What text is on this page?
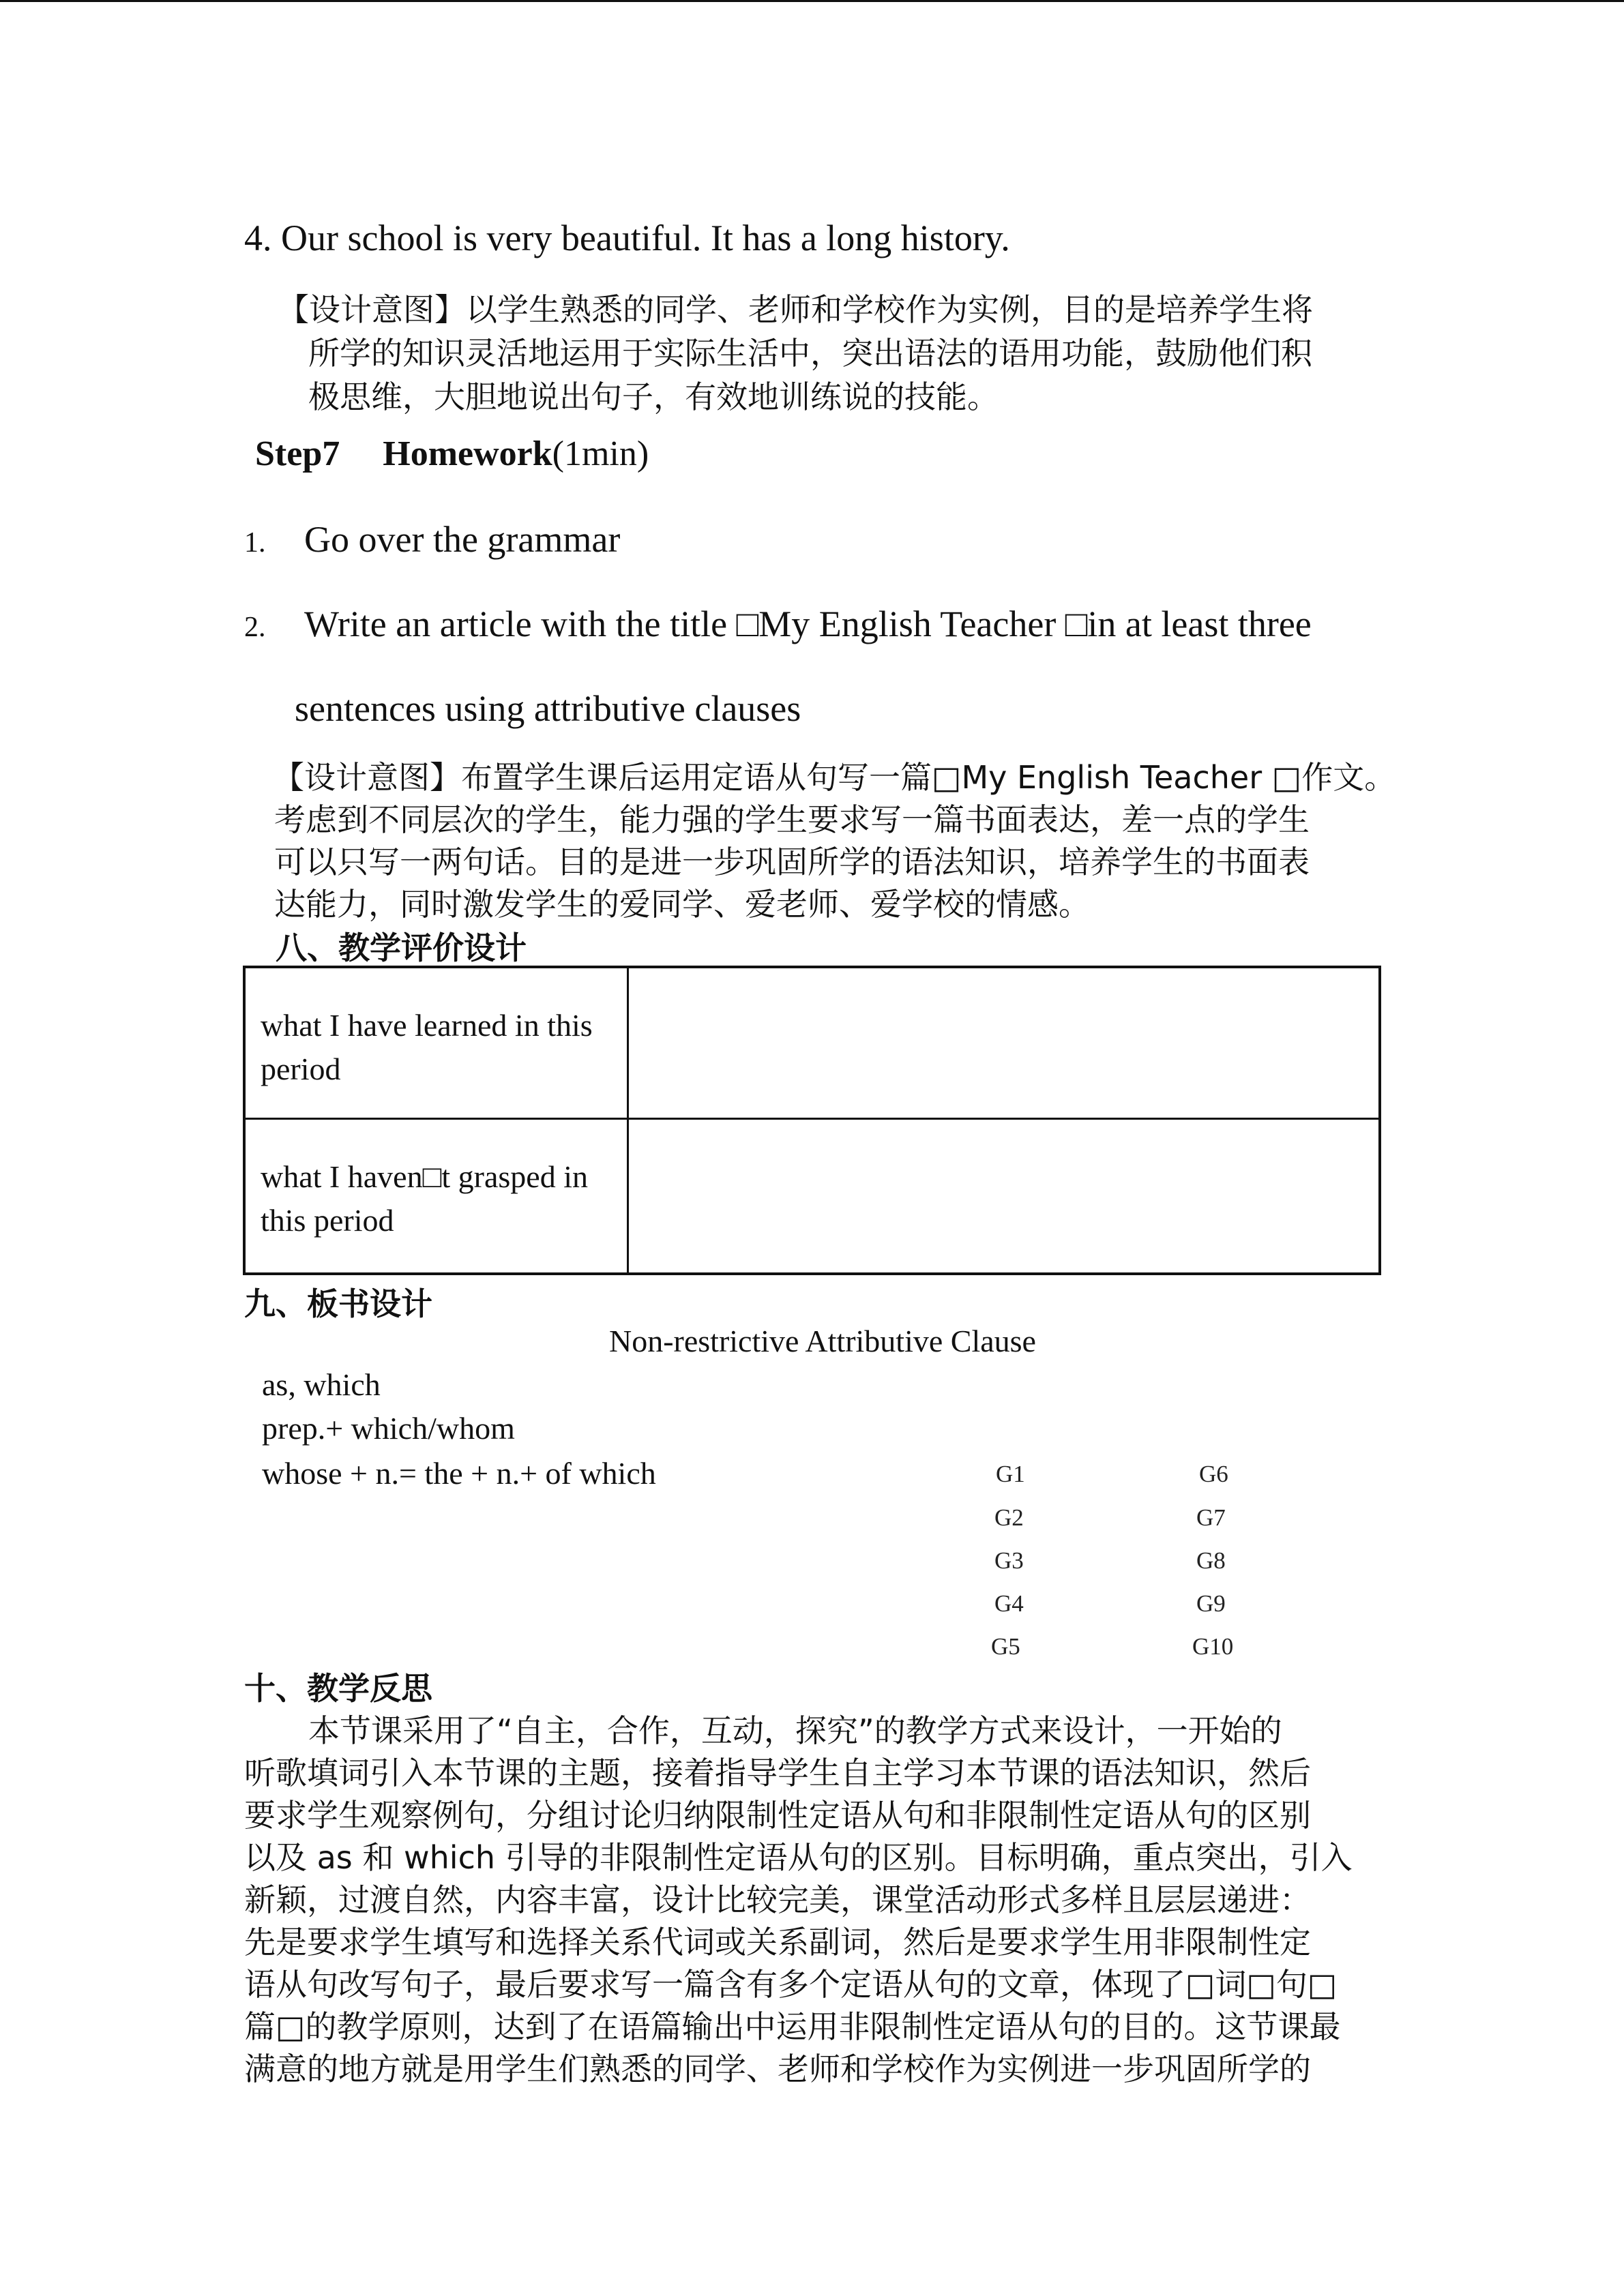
4. Our school is very beautiful. It has a long history.
【设计意图】以学生熟悉的同学、老师和学校作为实例，目的是培养学生将
所学的知识灵活地运用于实际生活中，突出语法的语用功能，鼓励他们积
极思维，大胆地说出句子，有效地训练说的技能。
Step7 Homework(1min)
1. Go over the grammar
2. Write an article with the title □My English Teacher □in at least three
sentences using attributive clauses
【设计意图】布置学生课后运用定语从句写一篇□My English Teacher □作文。
考虑到不同层次的学生，能力强的学生要求写一篇书面表达，差一点的学生
可以只写一两句话。目的是进一步巩固所学的语法知识，培养学生的书面表
达能力，同时激发学生的爱同学、爱老师、爱学校的情感。
八、教学评价设计
what I have learned in this
period
what I haven□t grasped in
this period
九、板书设计
Non-restrictive Attributive Clause
as, which
prep.+ which/whom
whose + n.= the + n.+ of which	G1
G2
G3
G4
G5
G6
G7
G8
G9
G10
十、教学反思
本节课采用了“自主，合作，互动，探究”的教学方式来设计，一开始的
听歌填词引入本节课的主题，接着指导学生自主学习本节课的语法知识，然后
要求学生观察例句，分组讨论归纳限制性定语从句和非限制性定语从句的区别
以及 as 和 which 引导的非限制性定语从句的区别。目标明确，重点突出，引入
新颖，过渡自然，内容丰富，设计比较完美，课堂活动形式多样且层层递进：
先是要求学生填写和选择关系代词或关系副词，然后是要求学生用非限制性定
语从句改写句子，最后要求写一篇含有多个定语从句的文章，体现了□词□句□
篇□的教学原则，达到了在语篇输出中运用非限制性定语从句的目的。这节课最
满意的地方就是用学生们熟悉的同学、老师和学校作为实例进一步巩固所学的
